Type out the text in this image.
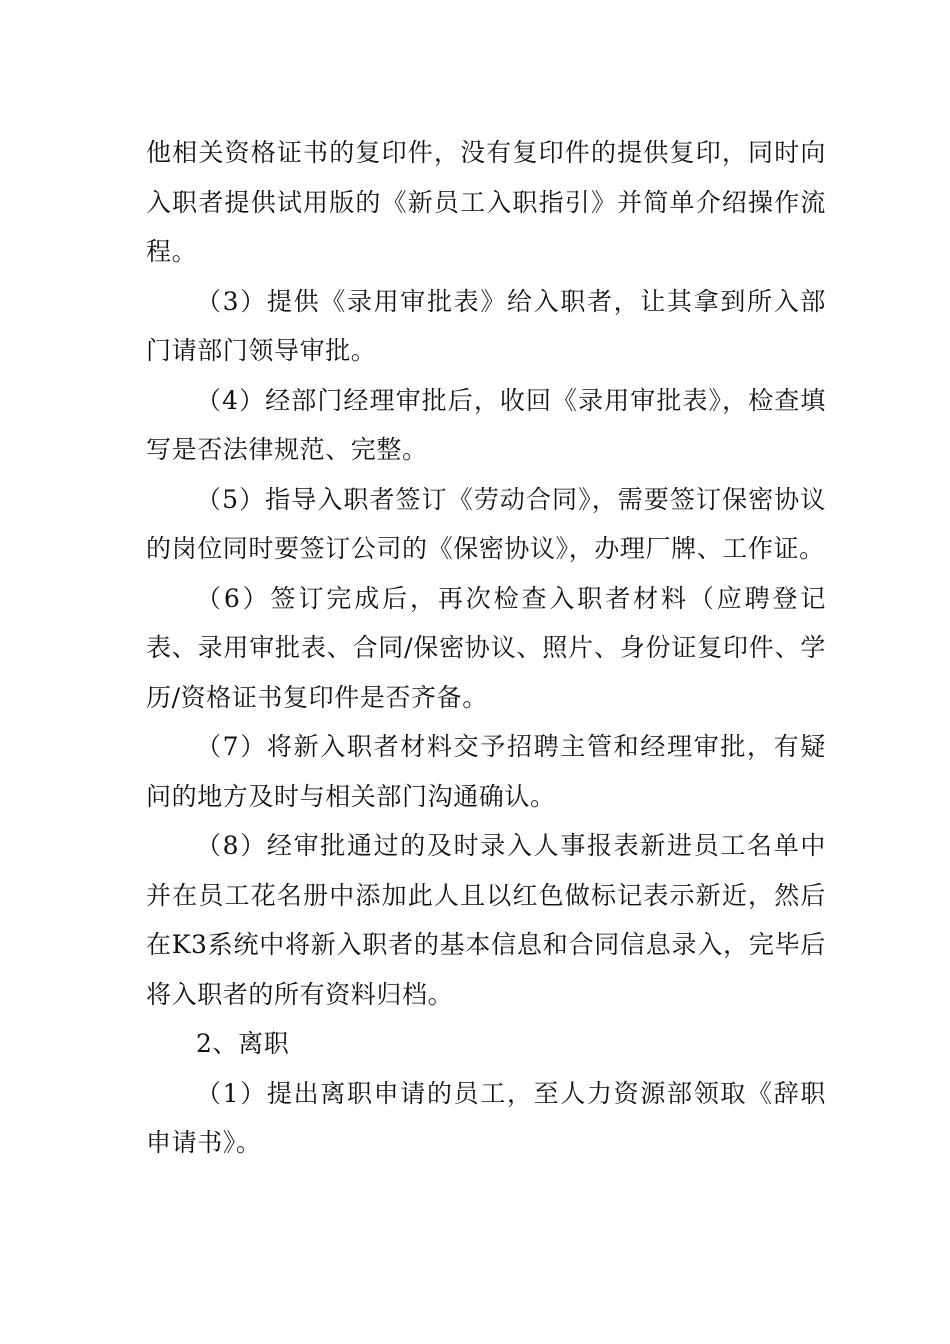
他相关资格证书的复印件，没有复印件的提供复印，同时向入职者提供试用版的《新员工入职指引》并简单介绍操作流程。

（3）提供《录用审批表》给入职者，让其拿到所入部门请部门领导审批。

（4）经部门经理审批后，收回《录用审批表》，检查填写是否法律规范、完整。

（5）指导入职者签订《劳动合同》，需要签订保密协议的岗位同时要签订公司的《保密协议》，办理厂牌、工作证。

（6）签订完成后，再次检查入职者材料（应聘登记表、录用审批表、合同/保密协议、照片、身份证复印件、学历/资格证书复印件是否齐备。

（7）将新入职者材料交予招聘主管和经理审批，有疑问的地方及时与相关部门沟通确认。

（8）经审批通过的及时录入人事报表新进员工名单中并在员工花名册中添加此人且以红色做标记表示新近，然后在K3系统中将新入职者的基本信息和合同信息录入，完毕后将入职者的所有资料归档。

2、离职

（1）提出离职申请的员工，至人力资源部领取《辞职申请书》。
